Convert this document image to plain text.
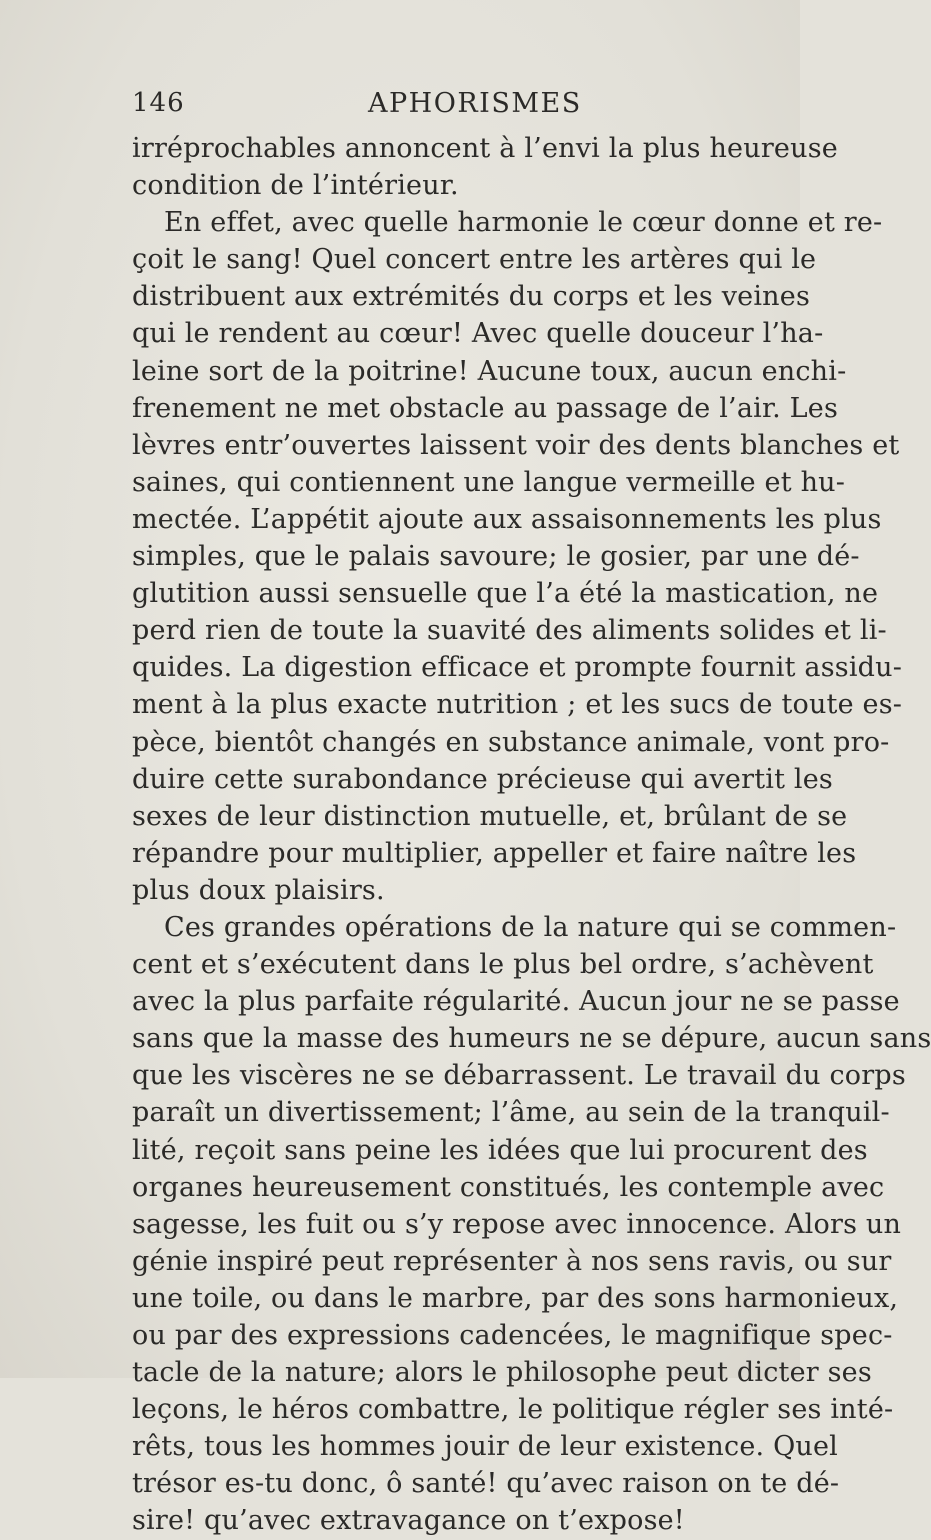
146	APHORISMES
irréprochables annoncent à l’envi la plus heureuse
condition de l’intérieur.
En effet, avec quelle harmonie le cœur donne et re-
çoit le sang! Quel concert entre les artères qui le
distribuent aux extrémités du corps et les veines
qui le rendent au cœur! Avec quelle douceur l’ha-
leine sort de la poitrine! Aucune toux, aucun enchi-
frenement ne met obstacle au passage de l’air. Les
lèvres entr’ouvertes laissent voir des dents blanches et
saines, qui contiennent une langue vermeille et hu-
mectée. L’appétit ajoute aux assaisonnements les plus
simples, que le palais savoure; le gosier, par une dé-
glutition aussi sensuelle que l’a été la mastication, ne
perd rien de toute la suavité des aliments solides et li-
quides. La digestion efficace et prompte fournit assidu-
ment à la plus exacte nutrition ; et les sucs de toute es-
pèce, bientôt changés en substance animale, vont pro-
duire cette surabondance précieuse qui avertit les
sexes de leur distinction mutuelle, et, brûlant de se
répandre pour multiplier, appeller et faire naître les
plus doux plaisirs.
Ces grandes opérations de la nature qui se commen-
cent et s’exécutent dans le plus bel ordre, s’achèvent
avec la plus parfaite régularité. Aucun jour ne se passe
sans que la masse des humeurs ne se dépure, aucun sans
que les viscères ne se débarrassent. Le travail du corps
paraît un divertissement; l’âme, au sein de la tranquil-
lité, reçoit sans peine les idées que lui procurent des
organes heureusement constitués, les contemple avec
sagesse, les fuit ou s’y repose avec innocence. Alors un
génie inspiré peut représenter à nos sens ravis, ou sur
une toile, ou dans le marbre, par des sons harmonieux,
ou par des expressions cadencées, le magnifique spec-
tacle de la nature; alors le philosophe peut dicter ses
leçons, le héros combattre, le politique régler ses inté-
rêts, tous les hommes jouir de leur existence. Quel
trésor es-tu donc, ô santé! qu’avec raison on te dé-
sire! qu’avec extravagance on t’expose!
